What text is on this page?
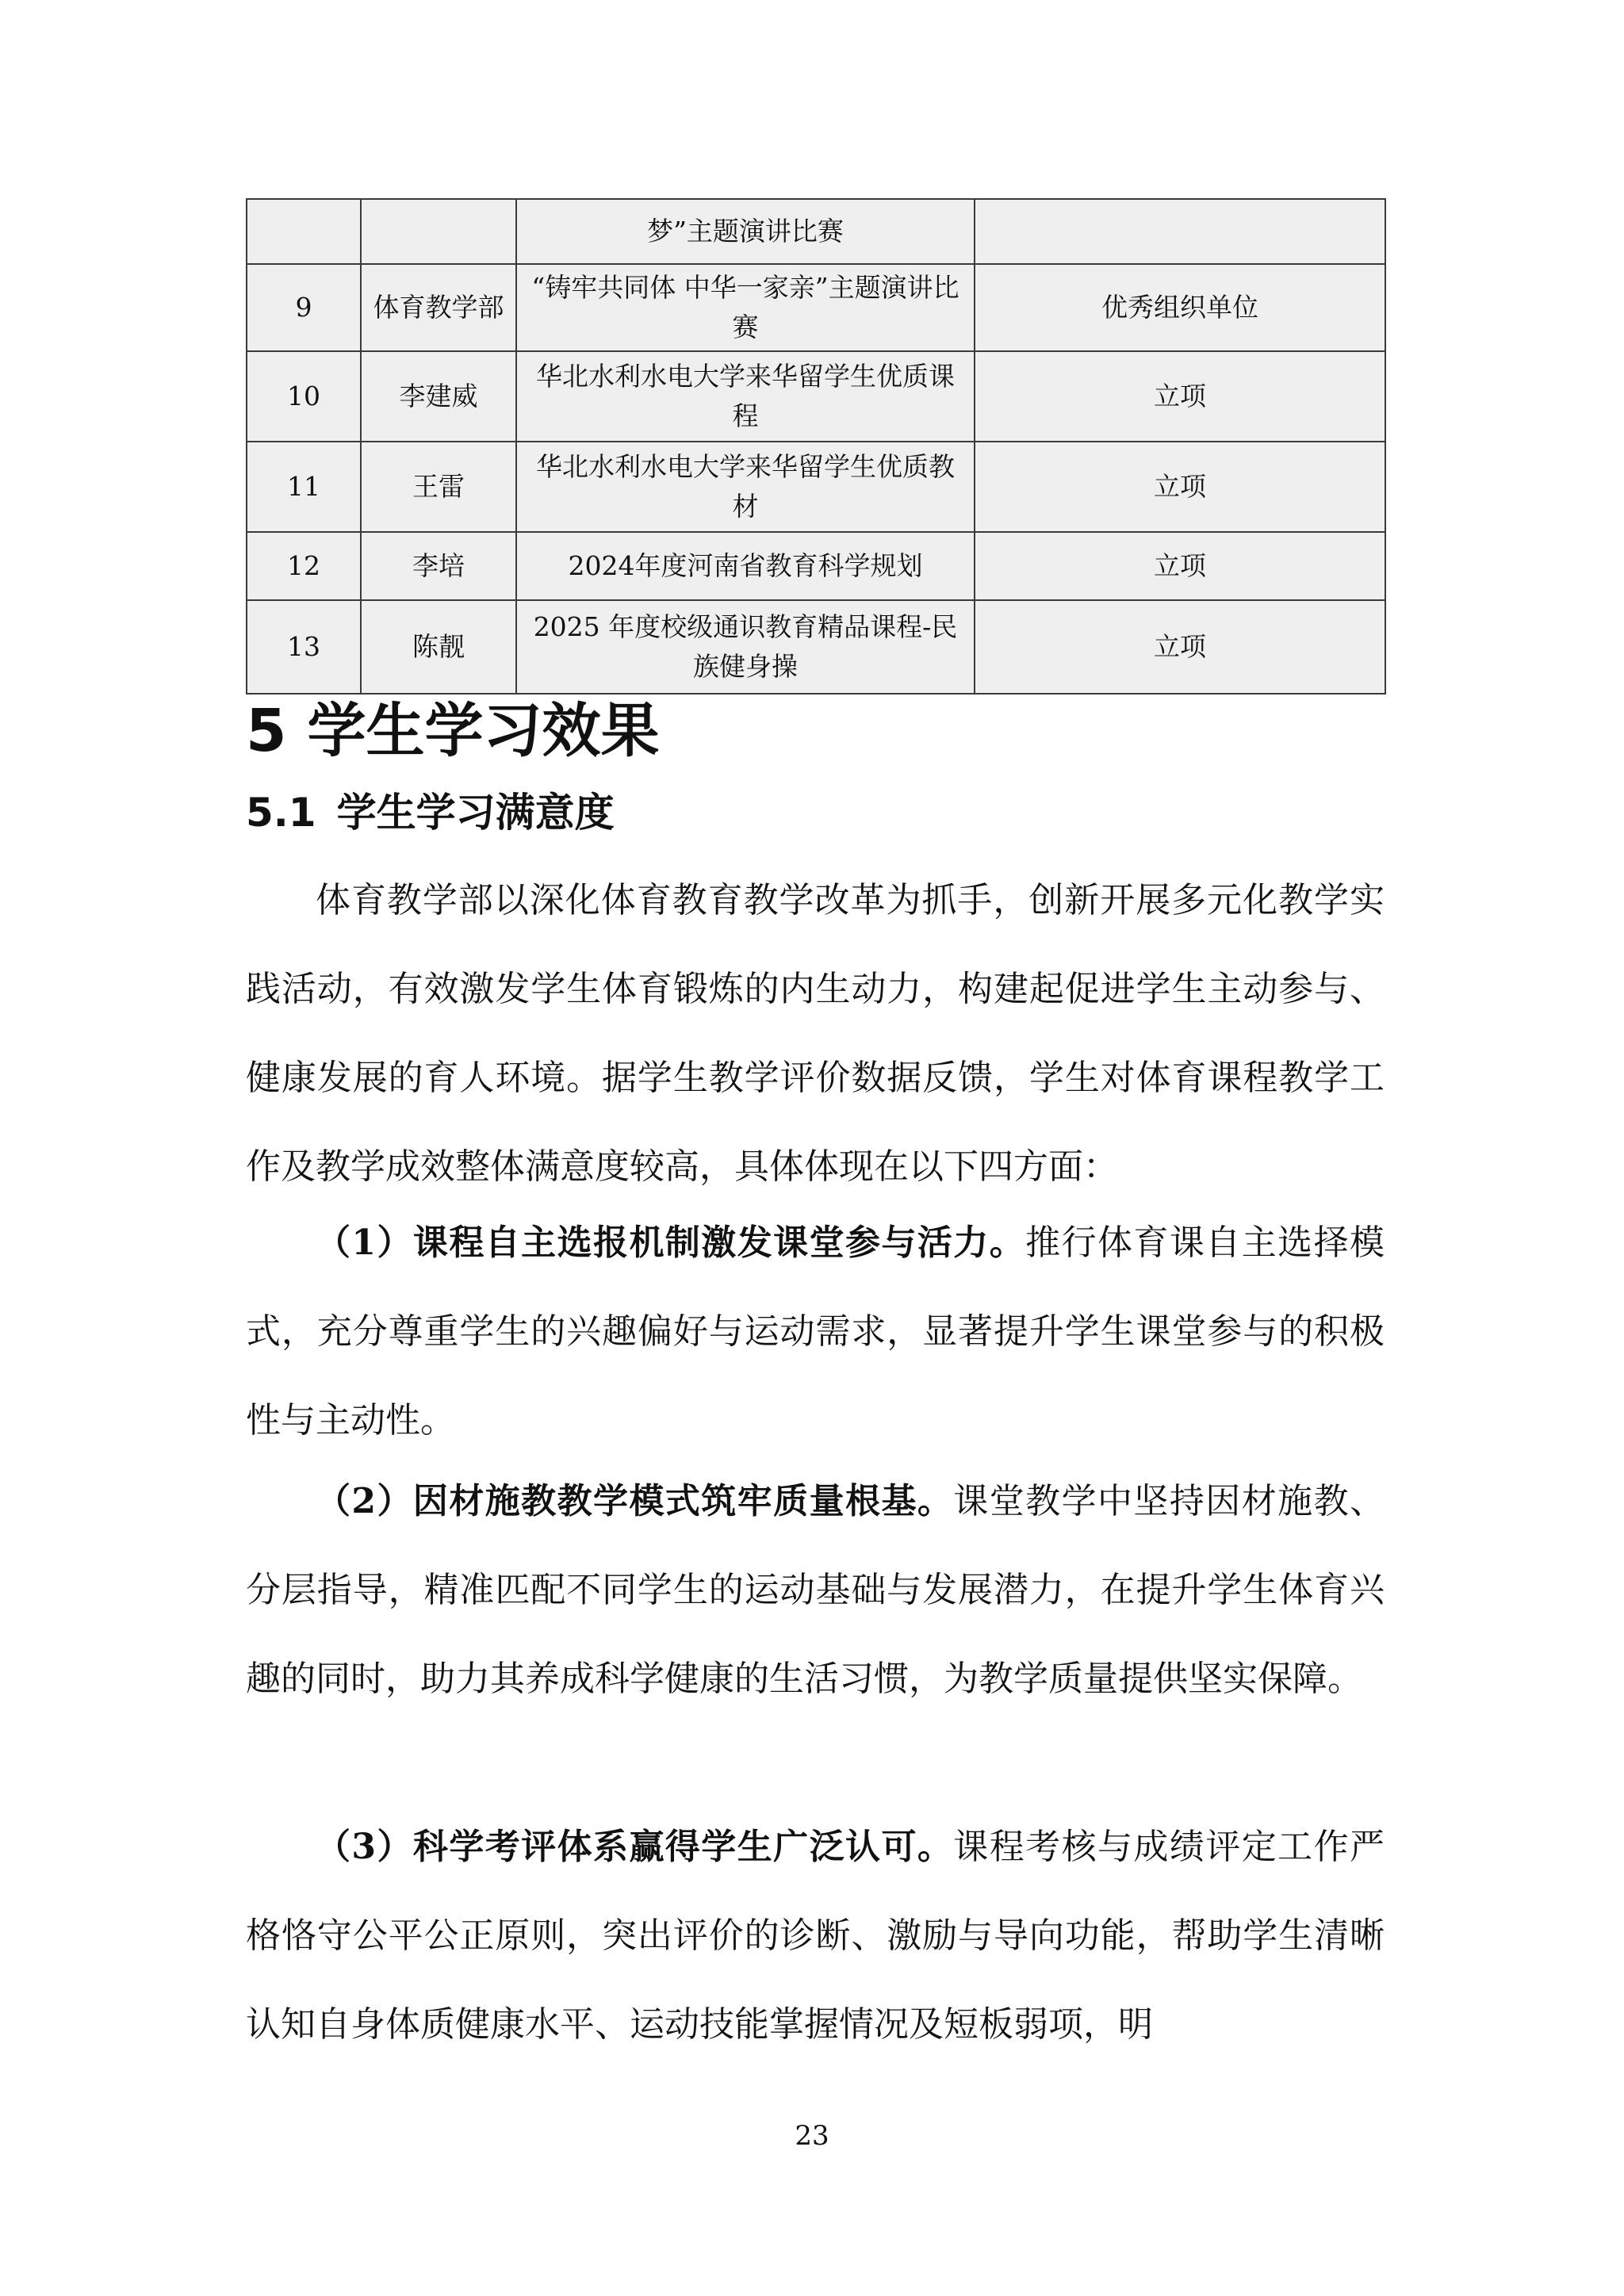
		梦”主题演讲比赛	
9	体育教学部	“铸牢共同体 中华一家亲”主题演讲比赛	优秀组织单位
10	李建威	华北水利水电大学来华留学生优质课程	立项
11	王雷	华北水利水电大学来华留学生优质教材	立项
12	李培	2024年度河南省教育科学规划	立项
13	陈靓	2025 年度校级通识教育精品课程-民族健身操	立项
5 学生学习效果
5.1 学生学习满意度

体育教学部以深化体育教育教学改革为抓手，创新开展多元化教学实践活动，有效激发学生体育锻炼的内生动力，构建起促进学生主动参与、健康发展的育人环境。据学生教学评价数据反馈，学生对体育课程教学工作及教学成效整体满意度较高，具体体现在以下四方面：

（1）课程自主选报机制激发课堂参与活力。推行体育课自主选择模式，充分尊重学生的兴趣偏好与运动需求，显著提升学生课堂参与的积极性与主动性。

（2）因材施教教学模式筑牢质量根基。课堂教学中坚持因材施教、分层指导，精准匹配不同学生的运动基础与发展潜力，在提升学生体育兴趣的同时，助力其养成科学健康的生活习惯，为教学质量提供坚实保障。

（3）科学考评体系赢得学生广泛认可。课程考核与成绩评定工作严格恪守公平公正原则，突出评价的诊断、激励与导向功能，帮助学生清晰认知自身体质健康水平、运动技能掌握情况及短板弱项，明

23
